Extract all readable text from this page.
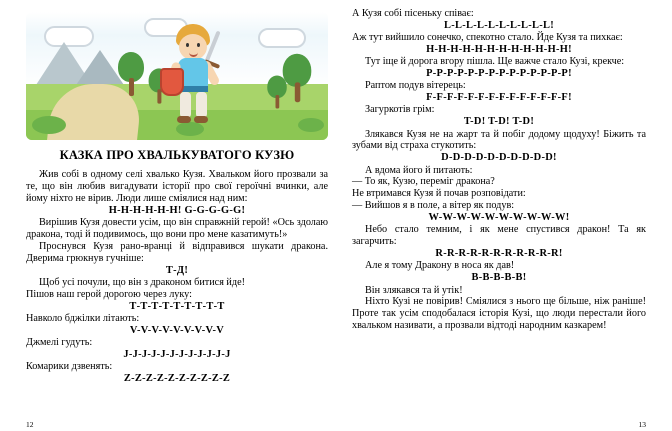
КАЗКА ПРО ХВАЛЬКУВАТОГО КУЗЮ

Жив собі в одному селі хвалько Кузя. Хвальком його прозвали за те, що він любив вигадувати історії про свої героїчні вчинки, але йому ніхто не вірив. Люди лише сміялися над ним:

Н-Н-Н-Н-Н-Н! G-G-G-G-G!

Вирішив Кузя довести усім, що він справжній герой! «Ось здолаю дракона, тоді й подивимось, що вони про мене казатимуть!»

Проснувся Кузя рано-вранці й відправився шукати дракона. Дверима грюкнув гучніше:

Т-Д!

Щоб усі почули, що він з драконом битися йде!

Пішов наш герой дорогою через луку:

Т-Т-Т-Т-Т-Т-Т-Т-Т

Навколо бджілки літають:

V-V-V-V-V-V-V-V-V

Джмелі гудуть:

J-J-J-J-J-J-J-J-J-J-J-J

Комарики дзвенять:

Z-Z-Z-Z-Z-Z-Z-Z-Z-Z

12

А Кузя собі пісеньку співає:

L-L-L-L-L-L-L-L-L-L!

Аж тут вийшило сонечко, спекотно стало. Йде Кузя та пихкає:

Н-Н-Н-Н-Н-Н-Н-Н-Н-Н-Н-Н!

Тут іще й дорога вгору пішла. Ще важче стало Кузі, крекче:

Р-Р-Р-Р-Р-Р-Р-Р-Р-Р-Р-Р-Р-Р!

Раптом подув вітерець:

F-F-F-F-F-F-F-F-F-F-F-F-F-F!

Загуркотів грім:

T-D! T-D! T-D!

Злякався Кузя не на жарт та й побіг додому щодуху! Біжить та зубами від страха стукотить:

D-D-D-D-D-D-D-D-D-D!

А вдома його й питають:

— То як, Кузю, переміг дракона?

Не втримався Кузя й почав розповідати:

— Вийшов я в поле, а вітер як подув:

W-W-W-W-W-W-W-W-W-W!

Небо стало темним, і як мене спустився дракон! Та як загарчить:

R-R-R-R-R-R-R-R-R-R-R!

Але я тому Дракону в носа як дав!

B-B-B-B-B!

Він злякався та й утік!

Ніхто Кузі не повірив! Сміялися з нього ще більше, ніж раніше! Проте так усім сподобалася історія Кузі, що люди перестали його хвальком називати, а прозвали відтоді народним казкарем!

13
